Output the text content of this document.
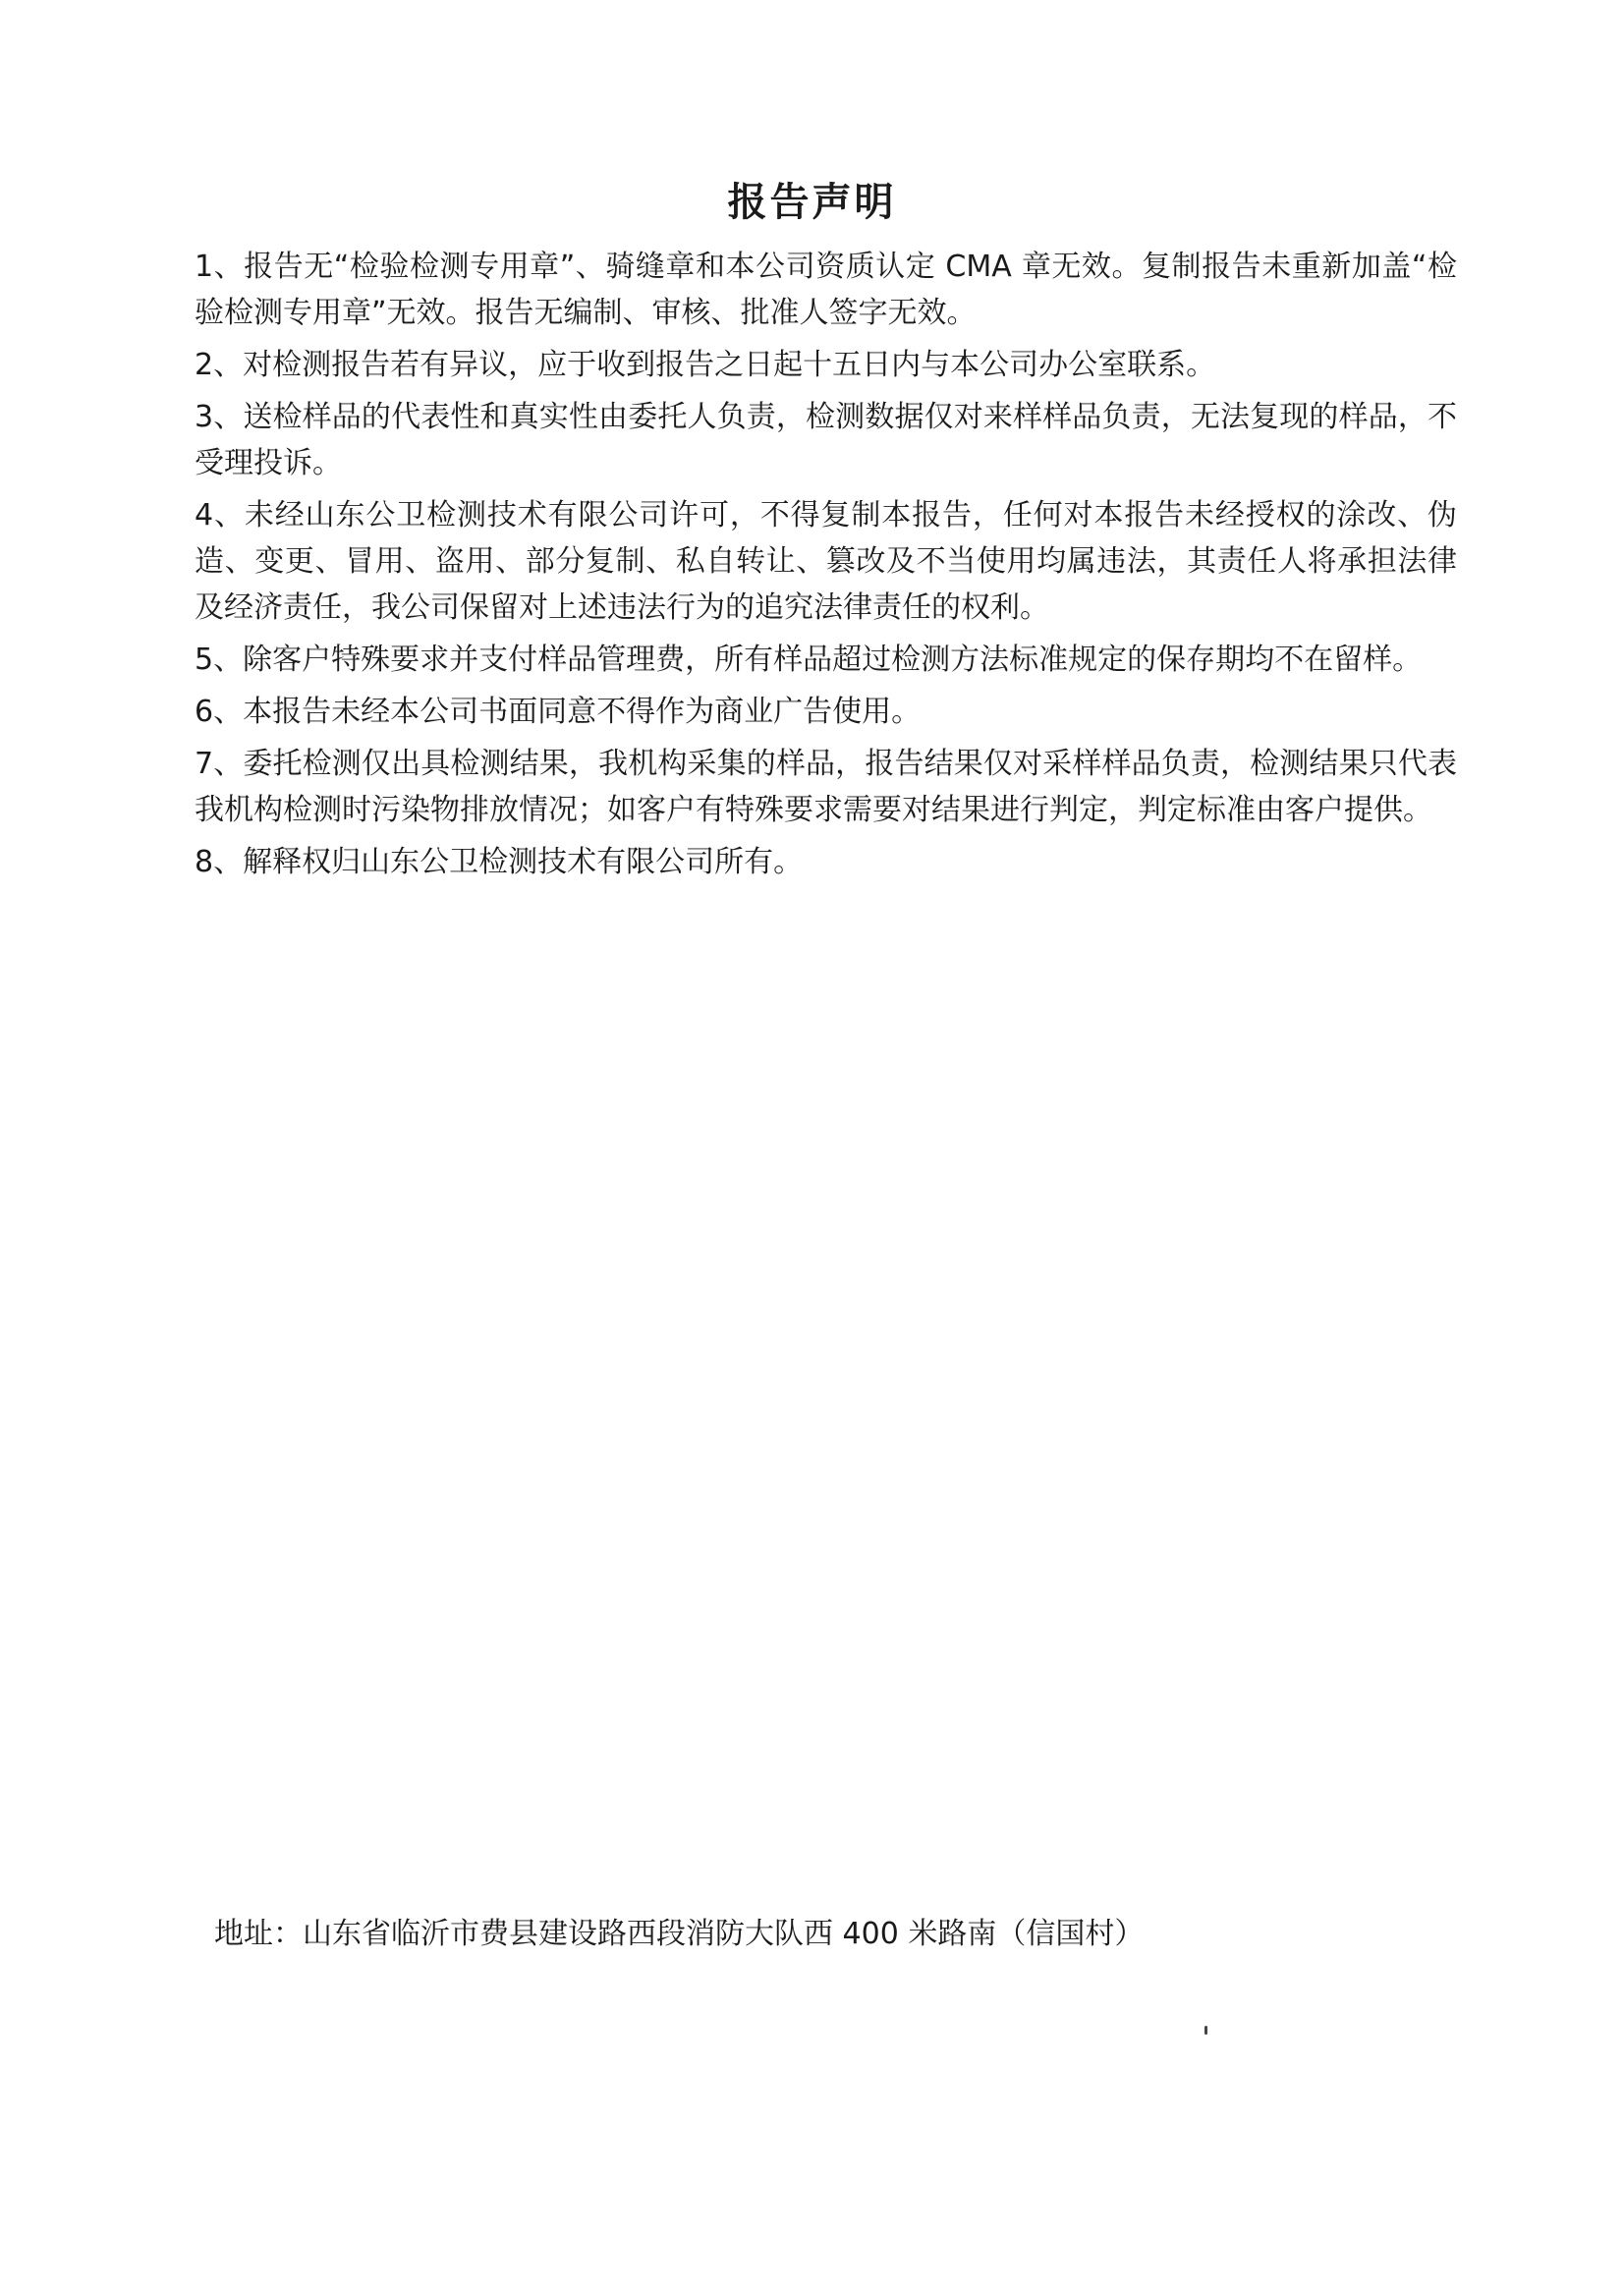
报告声明

1、报告无“检验检测专用章”、骑缝章和本公司资质认定 CMA 章无效。复制报告未重新加盖“检验检测专用章”无效。报告无编制、审核、批准人签字无效。

2、对检测报告若有异议，应于收到报告之日起十五日内与本公司办公室联系。

3、送检样品的代表性和真实性由委托人负责，检测数据仅对来样样品负责，无法复现的样品，不受理投诉。

4、未经山东公卫检测技术有限公司许可，不得复制本报告，任何对本报告未经授权的涂改、伪造、变更、冒用、盗用、部分复制、私自转让、篡改及不当使用均属违法，其责任人将承担法律及经济责任，我公司保留对上述违法行为的追究法律责任的权利。

5、除客户特殊要求并支付样品管理费，所有样品超过检测方法标准规定的保存期均不在留样。

6、本报告未经本公司书面同意不得作为商业广告使用。

7、委托检测仅出具检测结果，我机构采集的样品，报告结果仅对采样样品负责，检测结果只代表我机构检测时污染物排放情况；如客户有特殊要求需要对结果进行判定，判定标准由客户提供。

8、解释权归山东公卫检测技术有限公司所有。

地址：山东省临沂市费县建设路西段消防大队西 400 米路南（信国村）
